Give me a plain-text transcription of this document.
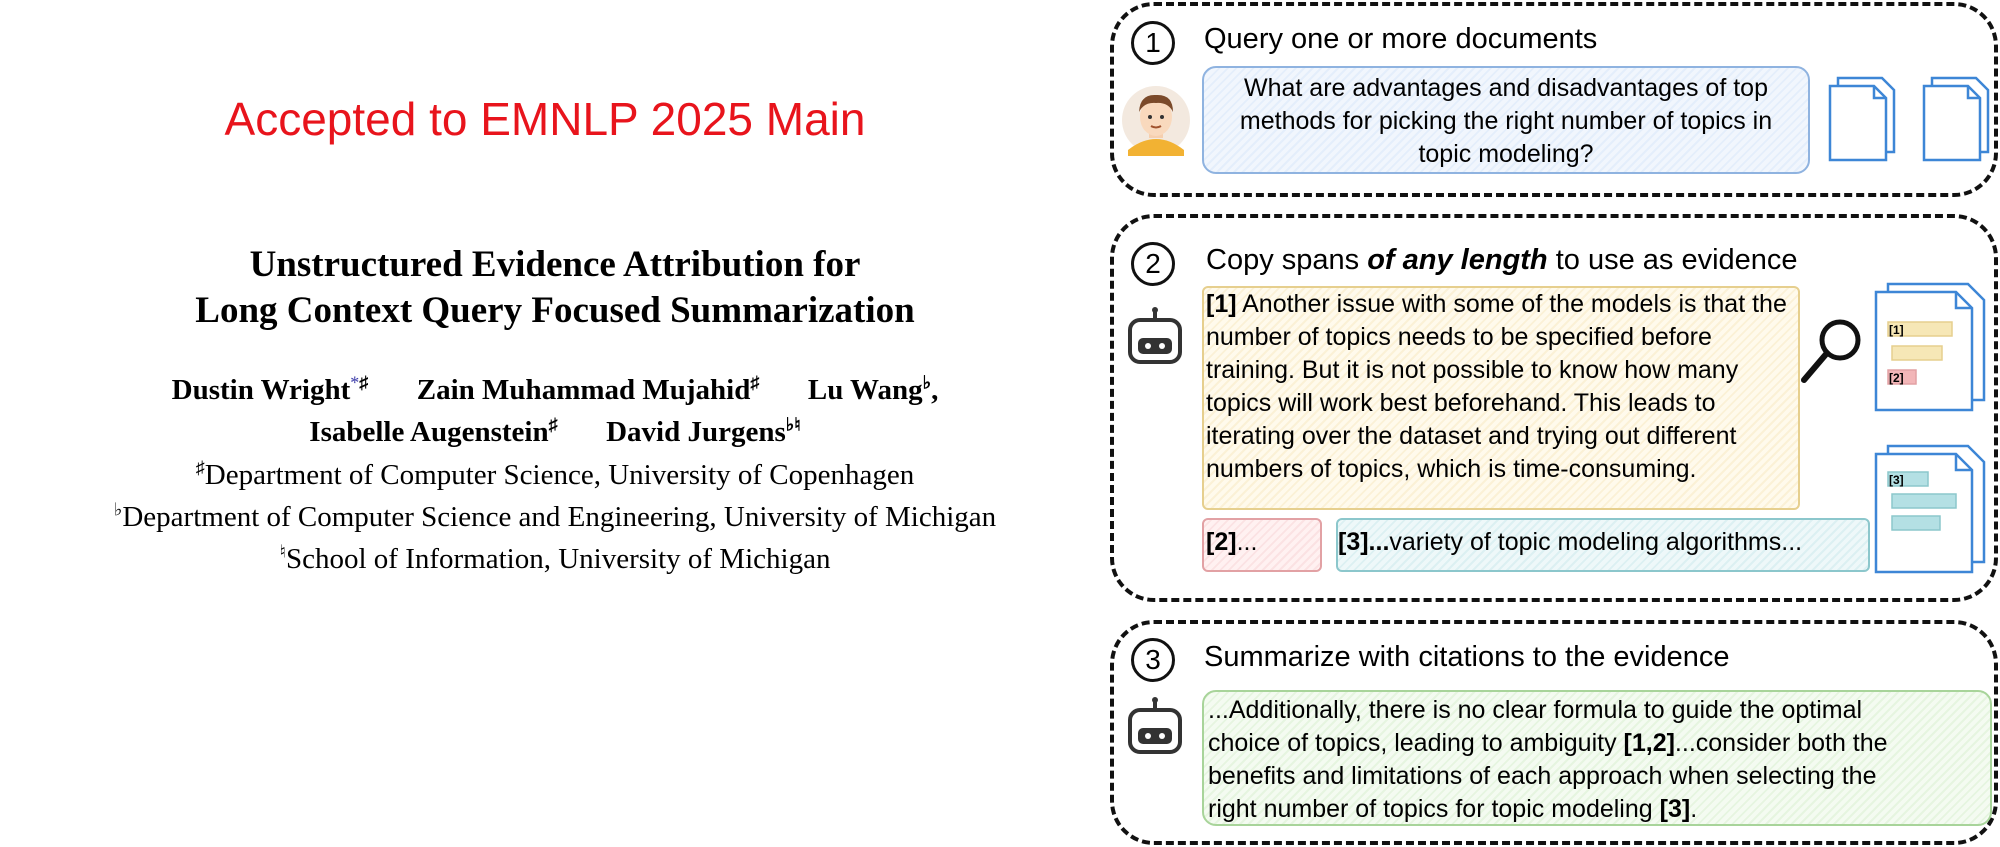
Accepted to EMNLP 2025 Main
Unstructured Evidence Attribution for
Long Context Query Focused Summarization
Dustin Wright*♯ Zain Muhammad Mujahid♯ Lu Wang♭,
Isabelle Augenstein♯ David Jurgens♭♮
♯Department of Computer Science, University of Copenhagen
♭Department of Computer Science and Engineering, University of Michigan
♮School of Information, University of Michigan
1	Query one or more documents
What are advantages and disadvantages of top
methods for picking the right number of topics in
topic modeling?
2	Copy spans of any length to use as evidence
[1] Another issue with some of the models is that the
number of topics needs to be specified before
training. But it is not possible to know how many
topics will work best beforehand. This leads to
iterating over the dataset and trying out different
numbers of topics, which is time-consuming.
[2]...	[3]...variety of topic modeling algorithms...
[1]
[2]
[3]
3	Summarize with citations to the evidence
...Additionally, there is no clear formula to guide the optimal
choice of topics, leading to ambiguity [1,2]...consider both the
benefits and limitations of each approach when selecting the
right number of topics for topic modeling [3].
